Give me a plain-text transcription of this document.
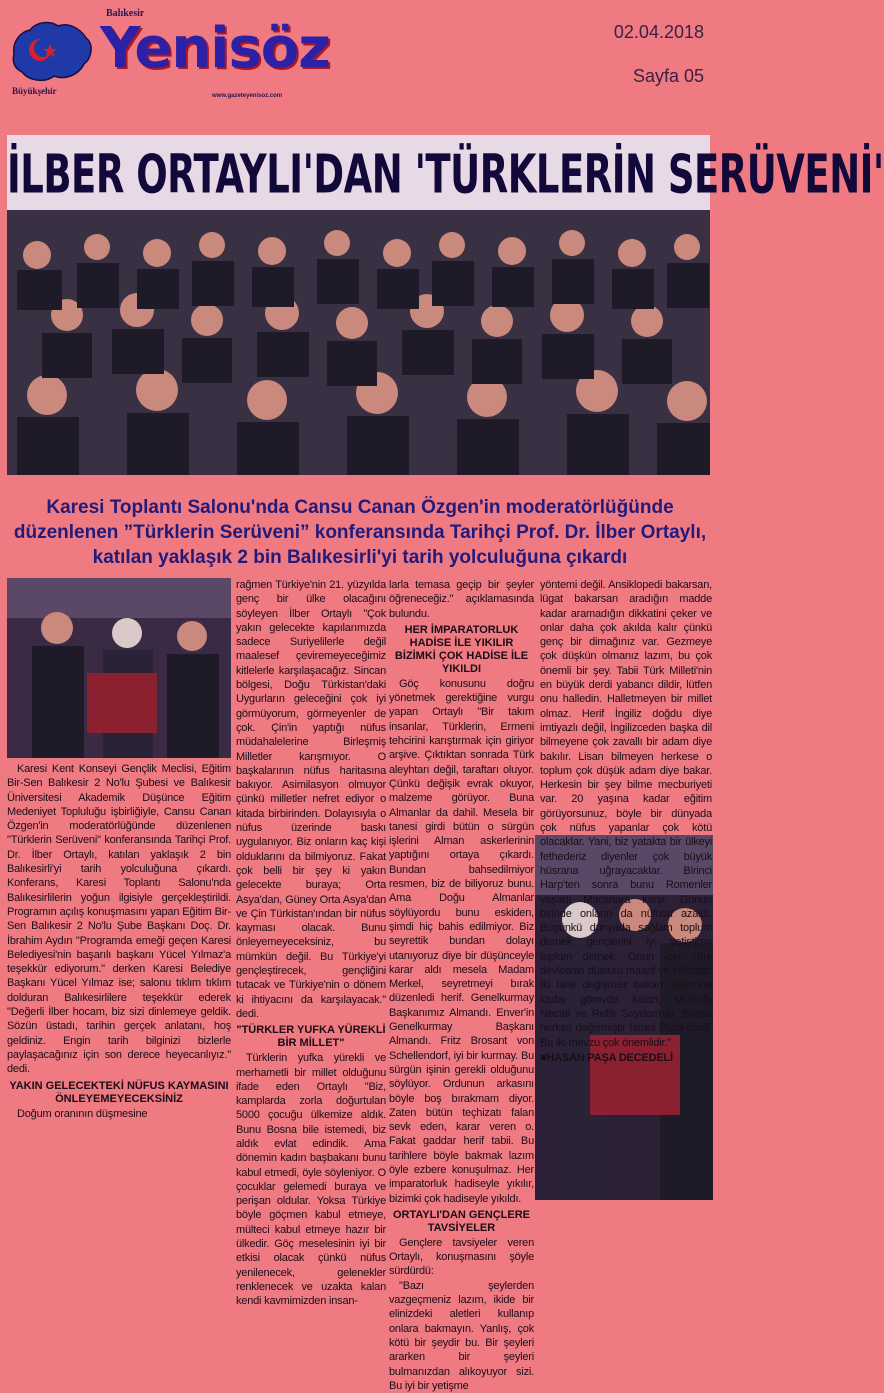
Balıkesir
Yenisöz
Büyükşehir	www.gazeteyenisoz.com
02.04.2018
Sayfa 05
İLBER ORTAYLI'DAN 'TÜRKLERİN SERÜVENİ'
Karesi Toplantı Salonu'nda Cansu Canan Özgen'in moderatörlüğünde düzenlenen ”Türklerin Serüveni” konferansında Tarihçi Prof. Dr. İlber Ortaylı, katılan yaklaşık 2 bin Balıkesirli'yi tarih yolculuğuna çıkardı

Karesi Kent Konseyi Gençlik Meclisi, Eğitim Bir-Sen Balıkesir 2 No'lu Şubesi ve Balıkesir Üniversitesi Akademik Düşünce Eğitim Medeniyet Topluluğu işbirliğiyle, Cansu Canan Özgen'in moderatörlüğünde düzenlenen "Türklerin Serüveni" konferansında Tarihçi Prof. Dr. İlber Ortaylı, katılan yaklaşık 2 bin Balıkesirli'yi tarih yolculuğuna çıkardı. Konferans, Karesi Toplantı Salonu'nda Balıkesirlilerin yoğun ilgisiyle gerçekleştirildi. Programın açılış konuşmasını yapan Eğitim Bir-Sen Balıkesir 2 No'lu Şube Başkanı Doç. Dr. İbrahim Aydın "Programda emeği geçen Karesi Belediyesi'nin başarılı başkanı Yücel Yılmaz'a teşekkür ediyorum." derken Karesi Belediye Başkanı Yücel Yılmaz ise; salonu tıklım tıklım dolduran Balıkesirlilere teşekkür ederek "Değerli İlber hocam, biz sizi dinlemeye geldik. Sözün üstadı, tarihin gerçek anlatanı, hoş geldiniz. Engin tarih bilginizi bizlerle paylaşacağınız için son derece heyecanlıyız." dedi.

YAKIN GELECEKTEKİ NÜFUS KAYMASINI ÖNLEYEMEYECEKSİNİZ

Doğum oranının düşmesine

rağmen Türkiye'nin 21. yüzyılda genç bir ülke olacağını söyleyen İlber Ortaylı "Çok yakın gelecekte kapılarımızda sadece Suriyelilerle değil maalesef çeviremeyeceğimiz kitlelerle karşılaşacağız. Sincan bölgesi, Doğu Türkistan'daki Uygurların geleceğini çok iyi görmüyorum, görmeyenler de çok. Çin'in yaptığı nüfus müdahalelerine Birleşmiş Milletler karışmıyor. O başkalarının nüfus haritasına bakıyor. Asimilasyon olmuyor çünkü milletler nefret ediyor o kitada birbirinden. Dolayısıyla o nüfus üzerinde baskı uygulanıyor. Biz onların kaç kişi olduklarını da bilmiyoruz. Fakat çok belli bir şey ki yakın gelecekte buraya; Orta Asya'dan, Güney Orta Asya'dan ve Çin Türkistan'ından bir nüfus kayması olacak. Bunu önleyemeyeceksiniz, bu mümkün değil. Bu Türkiye'yi gençleştirecek, gençliğini tutacak ve Türkiye'nin o dönem ki ihtiyacını da karşılayacak." dedi.

"TÜRKLER YUFKA YÜREKLİ BİR MİLLET"

Türklerin yufka yürekli ve merhametli bir millet olduğunu ifade eden Ortaylı "Biz, kamplarda zorla doğurtulan 5000 çocuğu ülkemize aldık. Bunu Bosna bile istemedi, biz aldık evlat edindik. Ama dönemin kadın başbakanı bunu kabul etmedi, öyle söyleniyor. O çocuklar gelemedi buraya ve perişan oldular. Yoksa Türkiye böyle göçmen kabul etmeye, mülteci kabul etmeye hazır bir ülkedir. Göç meselesinin iyi bir etkisi olacak çünkü nüfus yenilenecek, gelenekler renklenecek ve uzakta kalan kendi kavmimizden insan-

larla temasa geçip bir şeyler öğreneceğiz." açıklamasında bulundu.

HER İMPARATORLUK HADİSE İLE YIKILIR BİZİMKİ ÇOK HADİSE İLE YIKILDI

Göç konusunu doğru yönetmek gerektiğine vurgu yapan Ortaylı "Bir takım insanlar, Türklerin, Ermeni tehcirini karıştırmak için giriyor arşive. Çıktıktan sonrada Türk aleyhtarı değil, taraftarı oluyor. Çünkü değişik evrak okuyor, malzeme görüyor. Buna Almanlar da dahil. Mesela bir tanesi girdi bütün o sürgün işlerini Alman askerlerinin yaptığını ortaya çıkardı. Bundan bahsedilmiyor resmen, biz de biliyoruz bunu. Ama Doğu Almanlar söylüyordu bunu eskiden, şimdi hiç bahis edilmiyor. Biz seyrettik bundan dolayı utanıyoruz diye bir düşünceyle karar aldı mesela Madam Merkel, seyretmeyi bırak düzenledi herif. Genelkurmay Başkanımız Almandı. Enver'in Genelkurmay Başkanı Almandı. Fritz Brosant von Schellendorf, iyi bir kurmay. Bu sürgün işinin gerekli olduğunu söylüyor. Ordunun arkasını böyle boş bırakmam diyor. Zaten bütün teçhizatı falan sevk eden, karar veren o. Fakat gaddar herif tabii. Bu tarihlere böyle bakmak lazım öyle ezbere konuşulmaz. Her imparatorluk hadiseyle yıkılır, bizimki çok hadiseyle yıkıldı.

ORTAYLI'DAN GENÇLERE TAVSİYELER

Gençlere tavsiyeler veren Ortaylı, konuşmasını şöyle sürdürdü:

"Bazı şeylerden vazgeçmeniz lazım, ikide bir elinizdeki aletleri kullanıp onlara bakmayın. Yanlış, çok kötü bir şeydir bu. Bir şeyleri ararken bir şeyleri bulmanızdan alıkoyuyor sizi. Bu iyi bir yetişme

yöntemi değil. Ansiklopedi bakarsan, lügat bakarsan aradığın madde kadar aramadığın dikkatini çeker ve onlar daha çok akılda kalır çünkü genç bir dimağınız var. Gezmeye çok düşkün olmanız lazım, bu çok önemli bir şey. Tabii Türk Milleti'nin en büyük derdi yabancı dildir, lütfen onu halledin. Halletmeyen bir millet olmaz. Herif İngiliz doğdu diye imtiyazlı değil, İngilizceden başka dil bilmeyene çok zavallı bir adam diye bakılır. Lisan bilmeyen herkese o toplum çok düşük adam diye bakar. Herkesin bir şey bilme mecburiyeti var. 20 yaşına kadar eğitim görüyorsunuz, böyle bir dünyada çok nüfus yapanlar çok kötü olacaklar. Yani, biz yatakta bir ülkeyi fethederiz diyenler çok büyük hüsrana uğrayacaklar. Birinci Harp'ten sonra bunu Romenler yaşadı Macarlara karşı. Günün birinde onların da nüfusu azaldı. Bugünkü dünyada sağlam toplum demek gençlerini iyi yetiştiren toplum demek. Onun için Türk devletinin düsturu maarif ve sıhhattir. İki tane değişmez bakan, ölümüne kadar görevde kalan, Mustafa Necati ve Refik Saydam'dır. Başka herkes değişmiştir İsmet Paşa dahil. Bu iki mevzu çok önemlidir."

■HASAN PAŞA DECEDELİ
